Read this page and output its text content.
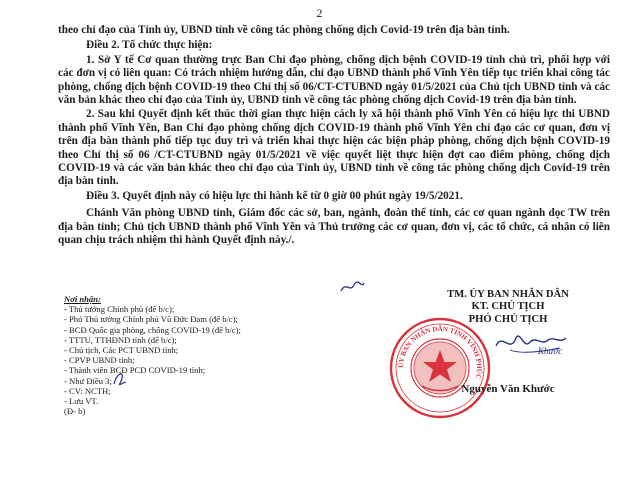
2

theo chỉ đạo của Tỉnh ủy, UBND tỉnh về công tác phòng chống dịch Covid-19 trên địa bàn tỉnh.

Điều 2. Tổ chức thực hiện:

1. Sở Y tế Cơ quan thường trực Ban Chỉ đạo phòng, chống dịch bệnh COVID-19 tỉnh chủ trì, phối hợp với các đơn vị có liên quan: Có trách nhiệm hướng dẫn, chỉ đạo UBND thành phố Vĩnh Yên tiếp tục triển khai công tác phòng, chống dịch bệnh COVID-19 theo Chỉ thị số 06/CT-CTUBND ngày 01/5/2021 của Chủ tịch UBND tỉnh và các văn bản khác theo chỉ đạo của Tỉnh ủy, UBND tỉnh về công tác phòng chống dịch Covid-19 trên địa bàn tỉnh.

2. Sau khi Quyết định kết thúc thời gian thực hiện cách ly xã hội thành phố Vĩnh Yên có hiệu lực thi UBND thành phố Vĩnh Yên, Ban Chỉ đạo phòng chống dịch COVID-19 thành phố Vĩnh Yên chỉ đạo các cơ quan, đơn vị trên địa bàn thành phố tiếp tục duy trì và triển khai thực hiện các biện pháp phòng, chống dịch bệnh COVID-19 theo Chỉ thị số 06 /CT-CTUBND ngày 01/5/2021 về việc quyết liệt thực hiện đợt cao điểm phòng, chống dịch COVID-19 và các văn bản khác theo chỉ đạo của Tỉnh ủy, UBND tỉnh về công tác phòng chống dịch Covid-19 trên địa bàn tỉnh.

Điều 3. Quyết định này có hiệu lực thi hành kể từ 0 giờ 00 phút ngày 19/5/2021.

Chánh Văn phòng UBND tỉnh, Giám đốc các sở, ban, ngành, đoàn thể tỉnh, các cơ quan ngành dọc TW trên địa bàn tỉnh; Chủ tịch UBND thành phố Vĩnh Yên và Thủ trưởng các cơ quan, đơn vị, các tổ chức, cá nhân có liên quan chịu trách nhiệm thi hành Quyết định này./.

Nơi nhận:
- Thủ tướng Chính phủ (để b/c);
- Phó Thủ tướng Chính phủ Vũ Đức Đam (để b/c);
- BCĐ Quốc gia phòng, chống COVID-19 (để b/c);
- TTTU, TTHĐND tỉnh (để b/c);
- Chủ tịch, Các PCT UBND tỉnh;
- CPVP UBND tỉnh;
- Thành viên BCĐ PCD COVID-19 tỉnh;
- Như Điều 3;
- CV: NCTH;
- Lưu VT.
(Đ- b)
TM. ỦY BAN NHÂN DÂN
KT. CHỦ TỊCH
PHÓ CHỦ TỊCH
ỦY BAN NHÂN DÂN TỈNH VĨNH PHÚC
Khước
Nguyễn Văn Khước
